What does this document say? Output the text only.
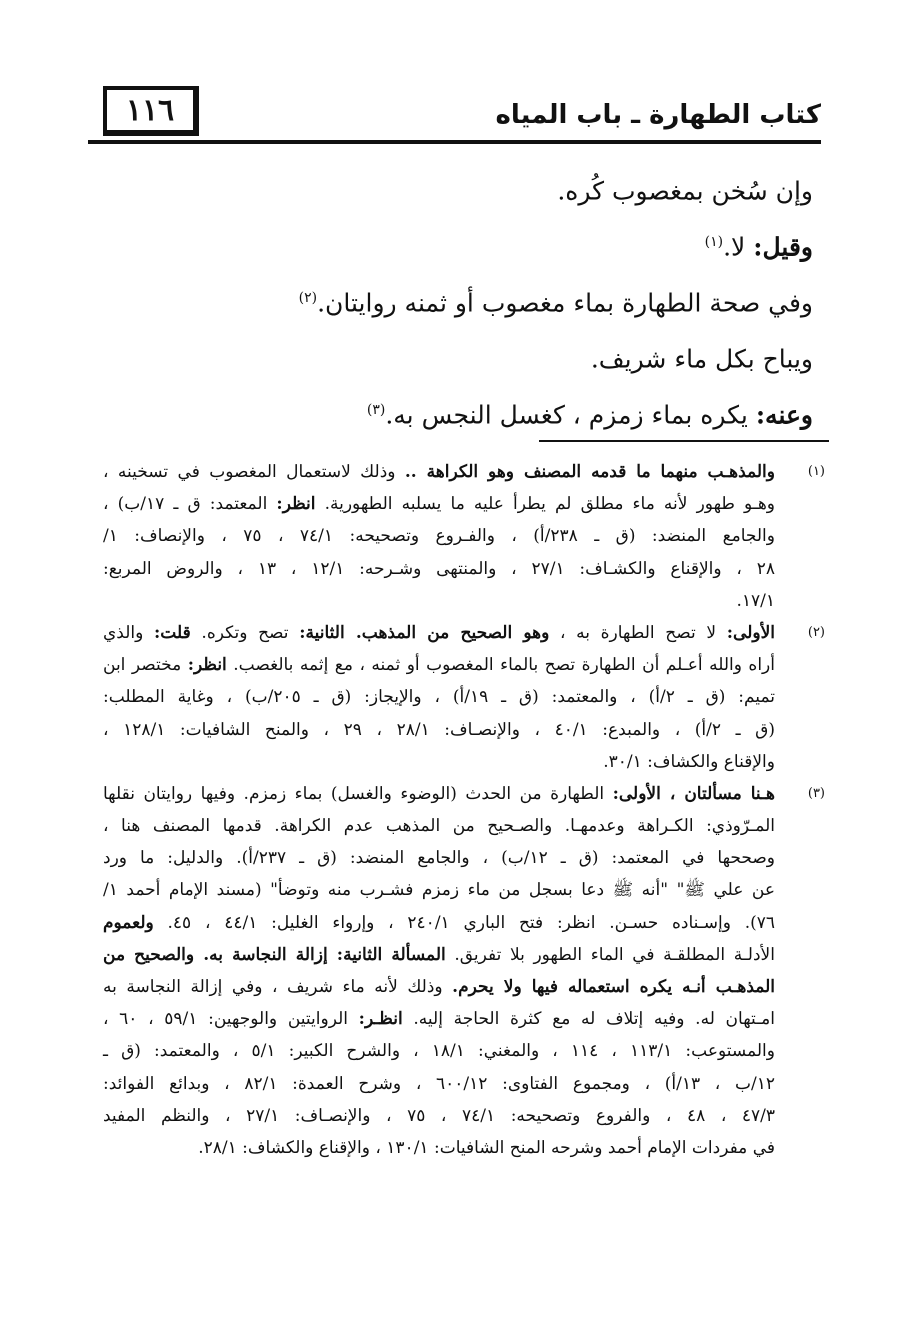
١١٦	كتاب الطهارة ـ باب المياه
وإن سُخن بمغصوب كُره.
وقيل: لا.$^{(١)}$
وفي صحة الطهارة بماء مغصوب أو ثمنه روايتان.$^{(٢)}$
ويباح بكل ماء شريف.
وعنه: يكره بماء زمزم ، كغسل النجس به.$^{(٣)}$
(١)
والمذهـب منهما ما قدمه المصنف وهو الكراهة .. وذلك لاستعمال المغصوب في تسخينه ،
وهـو طهور لأنه ماء مطلق لم يطرأ عليه ما يسلبه الطهورية. انظر: المعتمد: ق ـ ١٧/ب) ،
والجامع المنضد: (ق ـ ٢٣٨/أ) ، والفـروع وتصحيحه: ٧٤/١ ، ٧٥ ، والإنصاف: ١/
٢٨ ، والإقناع والكشـاف: ٢٧/١ ، والمنتهى وشـرحه: ١٢/١ ، ١٣ ، والروض المربع:
١٧/١.
(٢)
الأولى: لا تصح الطهارة به ، وهو الصحيح من المذهب. الثانية: تصح وتكره. قلت: والذي
أراه والله أعـلم أن الطهارة تصح بالماء المغصوب أو ثمنه ، مع إثمه بالغصب. انظر: مختصر ابن
تميم: (ق ـ ٢/أ) ، والمعتمد: (ق ـ ١٩/أ) ، والإيجاز: (ق ـ ٢٠٥/ب) ، وغاية المطلب:
(ق ـ ٢/أ) ، والمبدع: ٤٠/١ ، والإنصـاف: ٢٨/١ ، ٢٩ ، والمنح الشافيات: ١٢٨/١ ،
والإقناع والكشاف: ٣٠/١.
(٣)
هـنا مسألتان ، الأولى: الطهارة من الحدث (الوضوء والغسل) بماء زمزم. وفيها روايتان نقلها
المـرّوذي: الكـراهة وعدمهـا. والصـحيح من المذهب عدم الكراهة. قدمها المصنف هنا ،
وصححها في المعتمد: (ق ـ ١٢/ب) ، والجامع المنضد: (ق ـ ٢٣٧/أ). والدليل: ما ورد
عن علي ﷺ" "أنه ﷺ دعا بسجل من ماء زمزم فشـرب منه وتوضأ" (مسند الإمام أحمد ١/
٧٦). وإسـناده حسـن. انظر: فتح الباري ٢٤٠/١ ، وإرواء الغليل: ٤٤/١ ، ٤٥. ولعموم
الأدلـة المطلقـة في الماء الطهور بلا تفريق. المسألة الثانية: إزالة النجاسة به. والصحيح من
المذهـب أنـه يكره استعماله فيها ولا يحرم. وذلك لأنه ماء شريف ، وفي إزالة النجاسة به
امـتهان له. وفيه إتلاف له مع كثرة الحاجة إليه. انظـر: الروايتين والوجهين: ٥٩/١ ، ٦٠ ،
والمستوعب: ١١٣/١ ، ١١٤ ، والمغني: ١٨/١ ، والشرح الكبير: ٥/١ ، والمعتمد: (ق ـ
١٢/ب ، ١٣/أ) ، ومجموع الفتاوى: ٦٠٠/١٢ ، وشرح العمدة: ٨٢/١ ، وبدائع الفوائد:
٤٧/٣ ، ٤٨ ، والفروع وتصحيحه: ٧٤/١ ، ٧٥ ، والإنصـاف: ٢٧/١ ، والنظم المفيد
في مفردات الإمام أحمد وشرحه المنح الشافيات: ١٣٠/١ ، والإقناع والكشاف: ٢٨/١.
